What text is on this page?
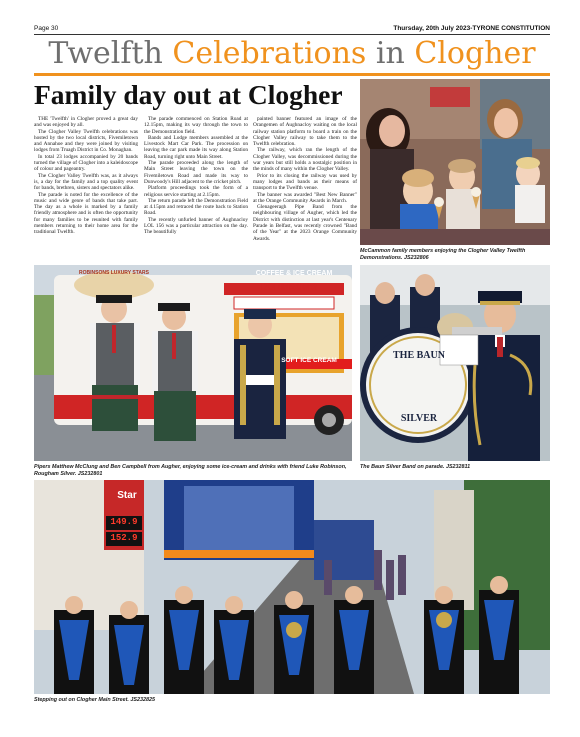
Page 30	Thursday, 20th July 2023-TYRONE CONSTITUTION
Twelfth Celebrations in Clogher
Family day out at Clogher

THE 'Twelfth' in Clogher proved a great day and was enjoyed by all.

The Clogher Valley Twelfth celebrations was hosted by the two local districts, Fivemiletown and Annahoe and they were joined by visiting lodges from Truagh District in Co. Monaghan.

In total 23 lodges accompanied by 20 bands turned the village of Clogher into a kaleidoscope of colour and pageantry.

The Clogher Valley Twelfth was, as it always is, a day for the family and a top quality event for bands, brethren, sisters and spectators alike.

The parade is noted for the excellence of the music and wide genre of bands that take part. The day as a whole is marked by a family friendly atmosphere and is often the opportunity for many families to be reunited with family members returning to their home area for the traditional Twelfth.

The parade commenced on Station Road at 12.15pm, making its way through the town to the Demonstration field.

Bands and Lodge members assembled at the Livestock Mart Car Park. The procession on leaving the car park made its way along Station Road, turning right unto Main Street.

The parade proceeded along the length of Main Street leaving the town on the Fivemiletown Road and made its way to Dunwoody's Hill adjacent to the cricket pitch.

Platform proceedings took the form of a religious service starting at 2.15pm.

The return parade left the Demonstration Field at 4.15pm and retraced the route back to Station Road.

The recently unfurled banner of Aughnacloy LOL 156 was a particular attraction on the day. The beautifully

painted banner featured an image of the Orangemen of Aughnacloy waiting on the local railway station platform to board a train on the Clogher Valley railway to take them to the Twelfth celebration.

The railway, which ran the length of the Clogher Valley, was decommissioned during the war years but still holds a nostalgic position in the minds of many within the Clogher Valley.

Prior to its closing the railway was used by many lodges and bands as their means of transport to the Twelfth venue.

The banner was awarded "Best New Banner" at the Orange Community Awards in March.

Glenageeragh Pipe Band from the neighbouring village of Augher, which led the District with distinction at last year's Centenary Parade in Belfast, was recently crowned "Band of the Year" at the 2023 Orange Community Awards.

McCammon family members enjoying the Clogher Valley Twelfth Demonstrations. JS232806
COFFEE & ICE CREAM
ROBINSON'S
SOFT ICE CREAM
ROBINSONS LUXURY STARS
Pipers Matthew McClung and Ben Campbell from Augher, enjoying some ice-cream and drinks with friend Luke Robinson, Rougham Silver. JS232801
THE BAUN
SILVER
The Baun Silver Band on parade. JS232811
Star
149.9
152.9
Stepping out on Clogher Main Street. JS232825
